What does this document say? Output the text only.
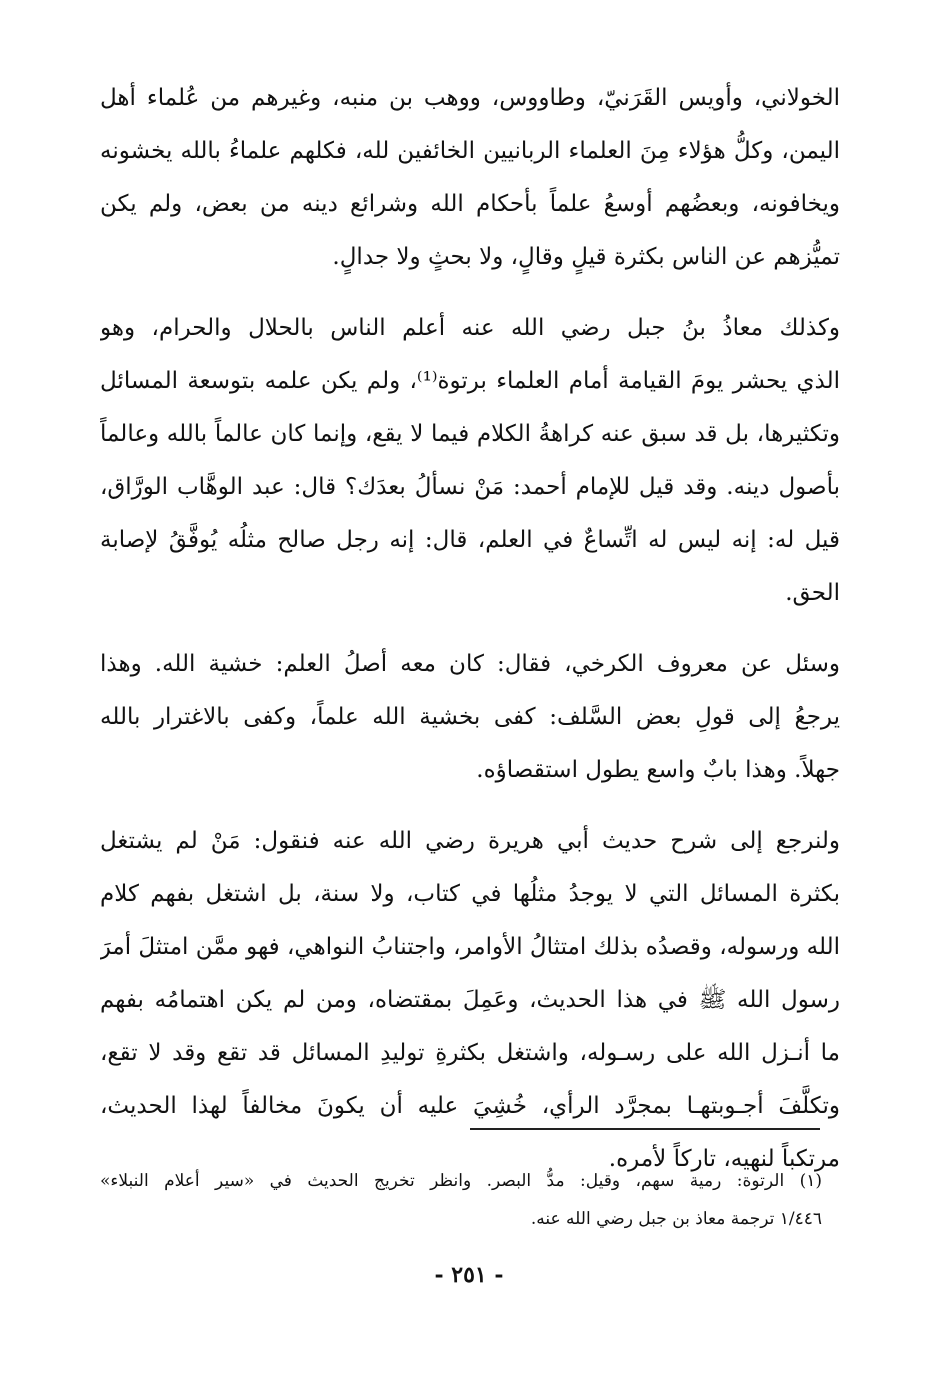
الخولاني، وأويس القَرَنيّ، وطاووس، ووهب بن منبه، وغيرهم من عُلماء أهل
اليمن، وكلُّ هؤلاء مِنَ العلماء الربانيين الخائفين لله، فكلهم علماءُ بالله يخشونه
ويخافونه، وبعضُهم أوسعُ علماً بأحكام الله وشرائع دينه من بعض، ولم يكن
تميُّزهم عن الناس بكثرة قيلٍ وقالٍ، ولا بحثٍ ولا جدالٍ.
وكذلك معاذُ بنُ جبل رضي الله عنه أعلم الناس بالحلال والحرام، وهو
الذي يحشر يومَ القيامة أمام العلماء برتوة⁽¹⁾، ولم يكن علمه بتوسعة المسائل
وتكثيرها، بل قد سبق عنه كراهةُ الكلام فيما لا يقع، وإنما كان عالماً بالله وعالماً
بأصول دينه. وقد قيل للإمام أحمد: مَنْ نسألُ بعدَك؟ قال: عبد الوهَّاب الورَّاق،
قيل له: إنه ليس له اتِّساعٌ في العلم، قال: إنه رجل صالح مثلُه يُوفَّقُ لإصابة
الحق.
وسئل عن معروف الكرخي، فقال: كان معه أصلُ العلم: خشية الله. وهذا
يرجعُ إلى قولِ بعض السَّلف: كفى بخشية الله علماً، وكفى بالاغترار بالله
جهلاً. وهذا بابٌ واسع يطول استقصاؤه.
ولنرجع إلى شرح حديث أبي هريرة رضي الله عنه فنقول: مَنْ لم يشتغل
بكثرة المسائل التي لا يوجدُ مثلُها في كتاب، ولا سنة، بل اشتغل بفهم كلام
الله ورسوله، وقصدُه بذلك امتثالُ الأوامر، واجتنابُ النواهي، فهو ممَّن امتثلَ أمرَ
رسول الله ﷺ في هذا الحديث، وعَمِلَ بمقتضاه، ومن لم يكن اهتمامُه بفهم
ما أنـزل الله على رسـوله، واشتغل بكثرةِ توليدِ المسائل قد تقع وقد لا تقع،
وتكلَّفَ أجـوبتهـا بمجرَّد الرأي، خُشِيَ عليه أن يكونَ مخالفاً لهذا الحديث،
مرتكباً لنهيه، تاركاً لأمره.
(١) الرتوة: رمية سهم، وقيل: مدُّ البصر. وانظر تخريج الحديث في «سير أعلام النبلاء»
١/٤٤٦ ترجمة معاذ بن جبل رضي الله عنه.
- ٢٥١ -
